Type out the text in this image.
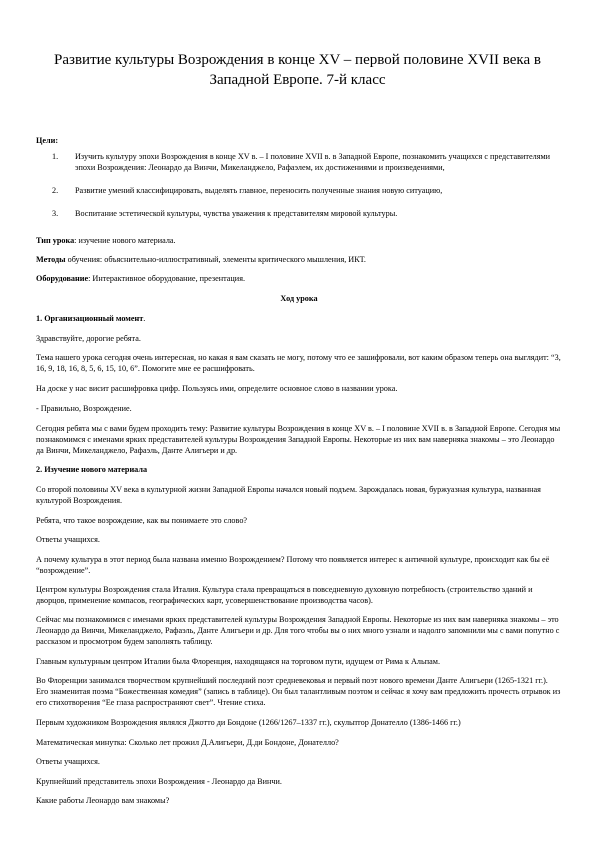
Развитие культуры Возрождения в конце XV – первой половине XVII века в Западной Европе. 7-й класс
Цели:
1. Изучить культуру эпохи Возрождения в конце XV в. – I половине XVII в. в Западной Европе, познакомить учащихся с представителями эпохи Возрождения: Леонардо да Винчи, Микеланджело, Рафаэлем, их достижениями и произведениями,
2. Развитие умений классифицировать, выделять главное, переносить полученные знания новую ситуацию,
3. Воспитание эстетической культуры, чувства уважения к представителям мировой культуры.

Тип урока: изучение нового материала.

Методы обучения: объяснительно-иллюстративный, элементы критического мышления, ИКТ.

Оборудование: Интерактивное оборудование, презентация.

Ход урока

1. Организационный момент.

Здравствуйте, дорогие ребята.

Тема нашего урока сегодня очень интересная, но какая я вам сказать не могу, потому что ее зашифровали, вот каким образом теперь она выглядит: “3, 16, 9, 18, 16, 8, 5, 6, 15, 10, 6”. Помогите мне ее расшифровать.

На доске у нас висит расшифровка цифр. Пользуясь ими, определите основное слово в названии урока.

- Правильно, Возрождение.

Сегодня ребята мы с вами будем проходить тему: Развитие культуры Возрождения в конце XV в. – I половине XVII в. в Западной Европе. Сегодня мы познакомимся с именами ярких представителей культуры Возрождения Западной Европы. Некоторые из них вам наверняка знакомы – это Леонардо да Винчи, Микеланджело, Рафаэль, Данте Алигьери и др.

2. Изучение нового материала

Со второй половины XV века в культурной жизни Западной Европы начался новый подъем. Зарождалась новая, буржуазная культура, названная культурой Возрождения.

Ребята, что такое возрождение, как вы понимаете это слово?

Ответы учащихся.

А почему культура в этот период была названа именно Возрождением? Потому что появляется интерес к античной культуре, происходит как бы её “возрождение”.

Центром культуры Возрождения стала Италия. Культура стала превращаться в повседневную духовную потребность (строительство зданий и дворцов, применение компасов, географических карт, усовершенствование производства часов).

Сейчас мы познакомимся с именами ярких представителей культуры Возрождения Западной Европы. Некоторые из них вам наверняка знакомы – это Леонардо да Винчи, Микеланджело, Рафаэль, Данте Алигьери и др. Для того чтобы вы о них много узнали и надолго запомнили мы с вами попутно с рассказом и просмотром будем заполнять таблицу.

Главным культурным центром Италии была Флоренция, находящаяся на торговом пути, идущем от Рима к Альпам.

Во Флоренции занимался творчеством крупнейший последний поэт средневековья и первый поэт нового времени Данте Алигьери (1265-1321 гг.). Его знаменитая поэма “Божественная комедия” (запись в таблице). Он был талантливым поэтом и сейчас я хочу вам предложить прочесть отрывок из его стихотворения “Ее глаза распространяют свет”. Чтение стиха.

Первым художником Возрождения являлся Джотто ди Бондоне (1266/1267–1337 гг.), скульптор Донателло (1386-1466 гг.)

Математическая минутка: Сколько лет прожил Д.Алигьери, Д.ди Бондоне, Донателло?

Ответы учащихся.

Крупнейший представитель эпохи Возрождения - Леонардо да Винчи.

Какие работы Леонардо вам знакомы?
